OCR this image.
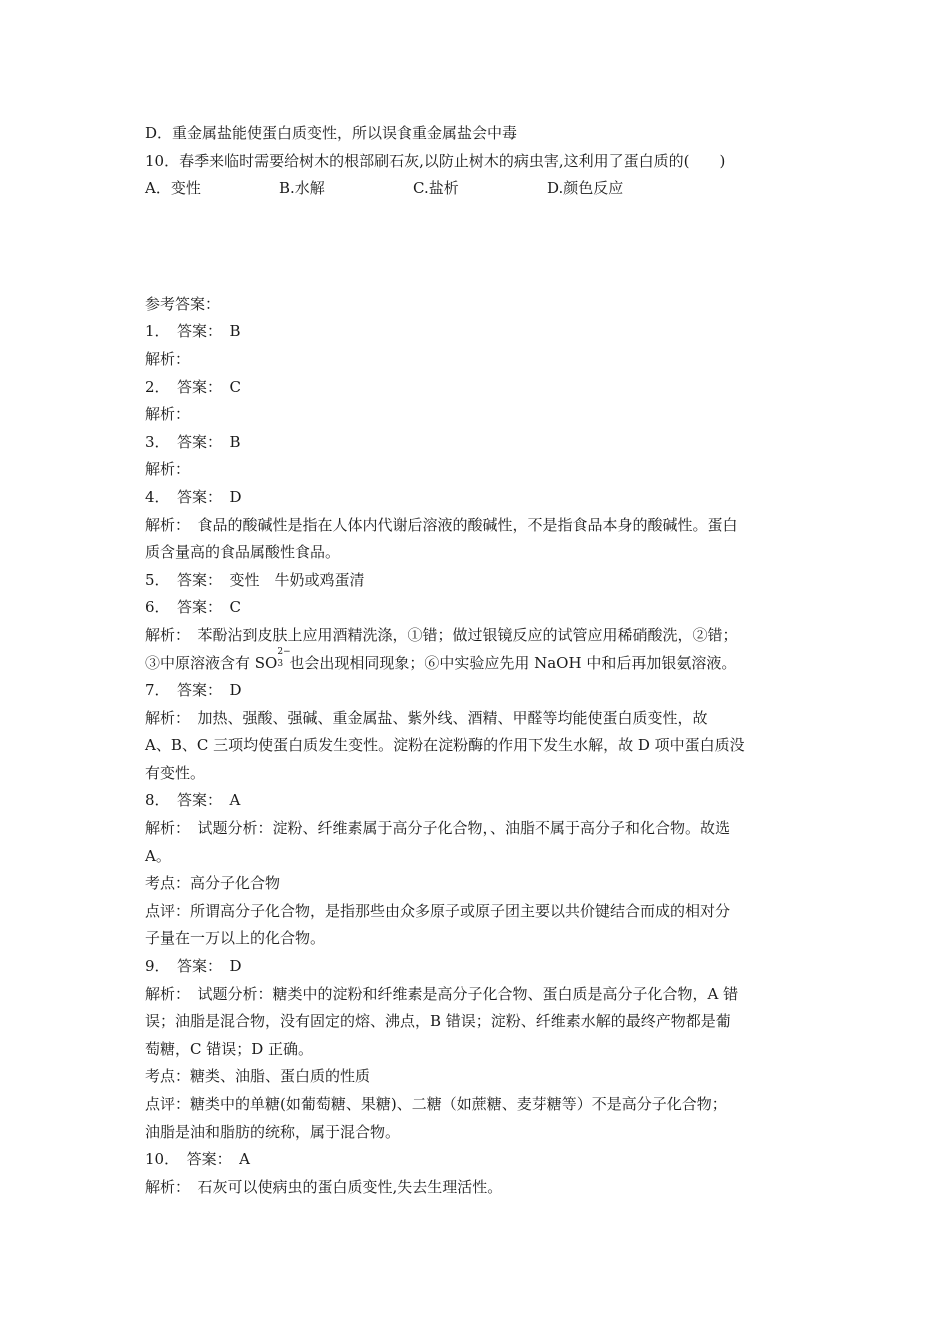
D．重金属盐能使蛋白质变性，所以误食重金属盐会中毒
10．春季来临时需要给树木的根部刷石灰,以防止树木的病虫害,这利用了蛋白质的(　　)
A．变性	B.水解	C.盐析	D.颜色反应
参考答案：
1．　答案：　B
解析：
2．　答案：　C
解析：
3．　答案：　B
解析：
4．　答案：　D
解析：　食品的酸碱性是指在人体内代谢后溶液的酸碱性，不是指食品本身的酸碱性。蛋白
质含量高的食品属酸性食品。
5．　答案：　变性　牛奶或鸡蛋清
6．　答案：　C
解析：　苯酚沾到皮肤上应用酒精洗涤，①错；做过银镜反应的试管应用稀硝酸洗，②错；
③中原溶液含有 SO
2−
3 也会出现相同现象；⑥中实验应先用 NaOH 中和后再加银氨溶液。
7．　答案：　D
解析：　加热、强酸、强碱、重金属盐、紫外线、酒精、甲醛等均能使蛋白质变性，故
A、B、C 三项均使蛋白质发生变性。淀粉在淀粉酶的作用下发生水解，故 D 项中蛋白质没
有变性。
8．　答案：　A
解析：　试题分析：淀粉、纤维素属于高分子化合物，、油脂不属于高分子和化合物。故选
A。
考点：高分子化合物
点评：所谓高分子化合物，是指那些由众多原子或原子团主要以共价键结合而成的相对分
子量在一万以上的化合物。
9．　答案：　D
解析：　试题分析：糖类中的淀粉和纤维素是高分子化合物、蛋白质是高分子化合物，A 错
误；油脂是混合物，没有固定的熔、沸点，B 错误；淀粉、纤维素水解的最终产物都是葡
萄糖，C 错误；D 正确。
考点：糖类、油脂、蛋白质的性质
点评：糖类中的单糖(如葡萄糖、果糖)、二糖（如蔗糖、麦芽糖等）不是高分子化合物；
油脂是油和脂肪的统称，属于混合物。
10．　答案：　A
解析：　石灰可以使病虫的蛋白质变性,失去生理活性。
